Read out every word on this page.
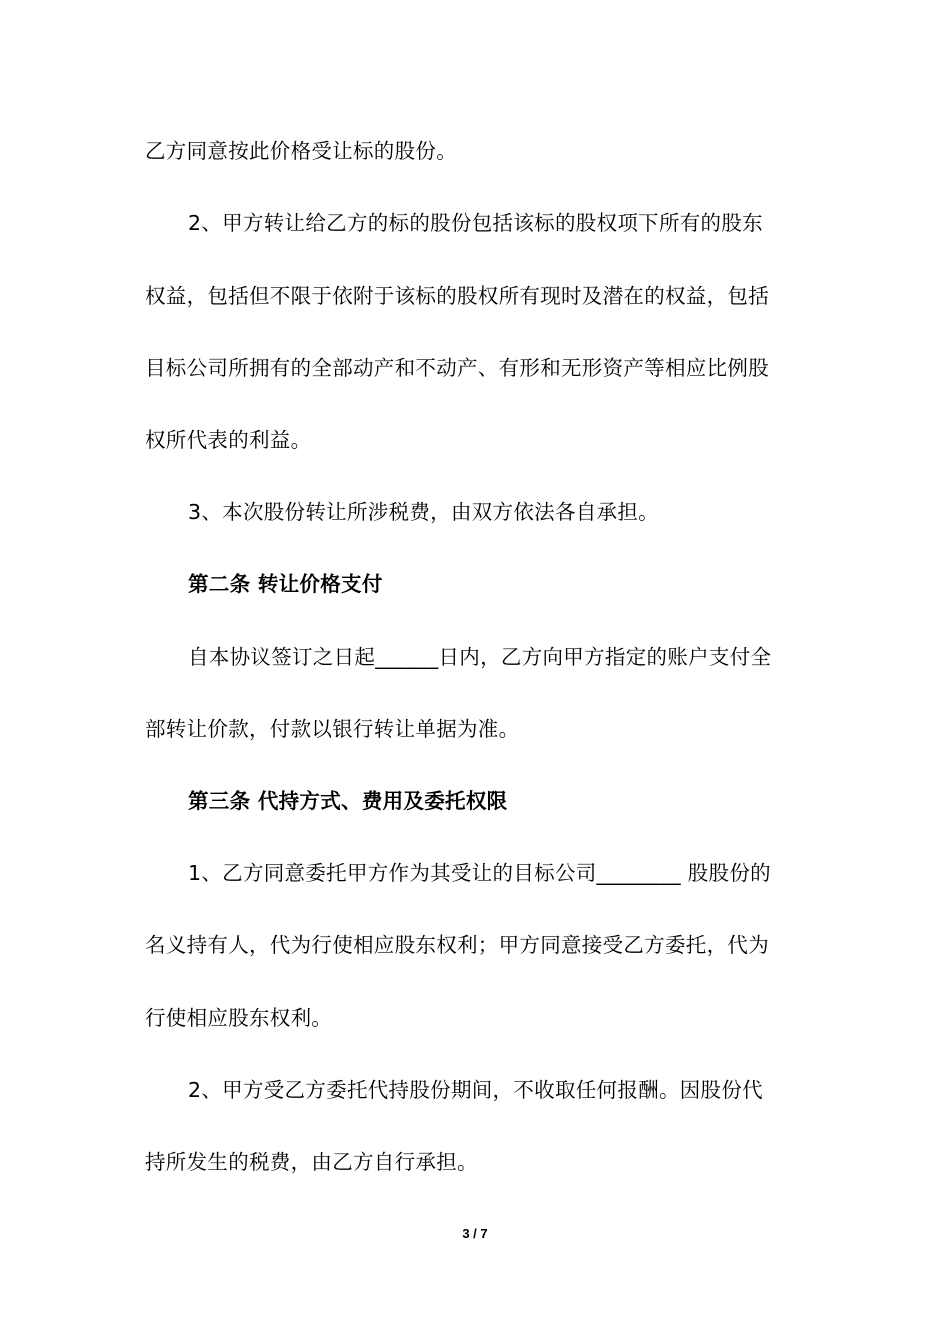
乙方同意按此价格受让标的股份。
2、甲方转让给乙方的标的股份包括该标的股权项下所有的股东
权益，包括但不限于依附于该标的股权所有现时及潜在的权益，包括
目标公司所拥有的全部动产和不动产、有形和无形资产等相应比例股
权所代表的利益。
3、本次股份转让所涉税费，由双方依法各自承担。
第二条 转让价格支付
自本协议签订之日起______日内，乙方向甲方指定的账户支付全
部转让价款，付款以银行转让单据为准。
第三条 代持方式、费用及委托权限
1、乙方同意委托甲方作为其受让的目标公司________ 股股份的
名义持有人，代为行使相应股东权利；甲方同意接受乙方委托，代为
行使相应股东权利。
2、甲方受乙方委托代持股份期间，不收取任何报酬。因股份代
持所发生的税费，由乙方自行承担。
3 / 7
